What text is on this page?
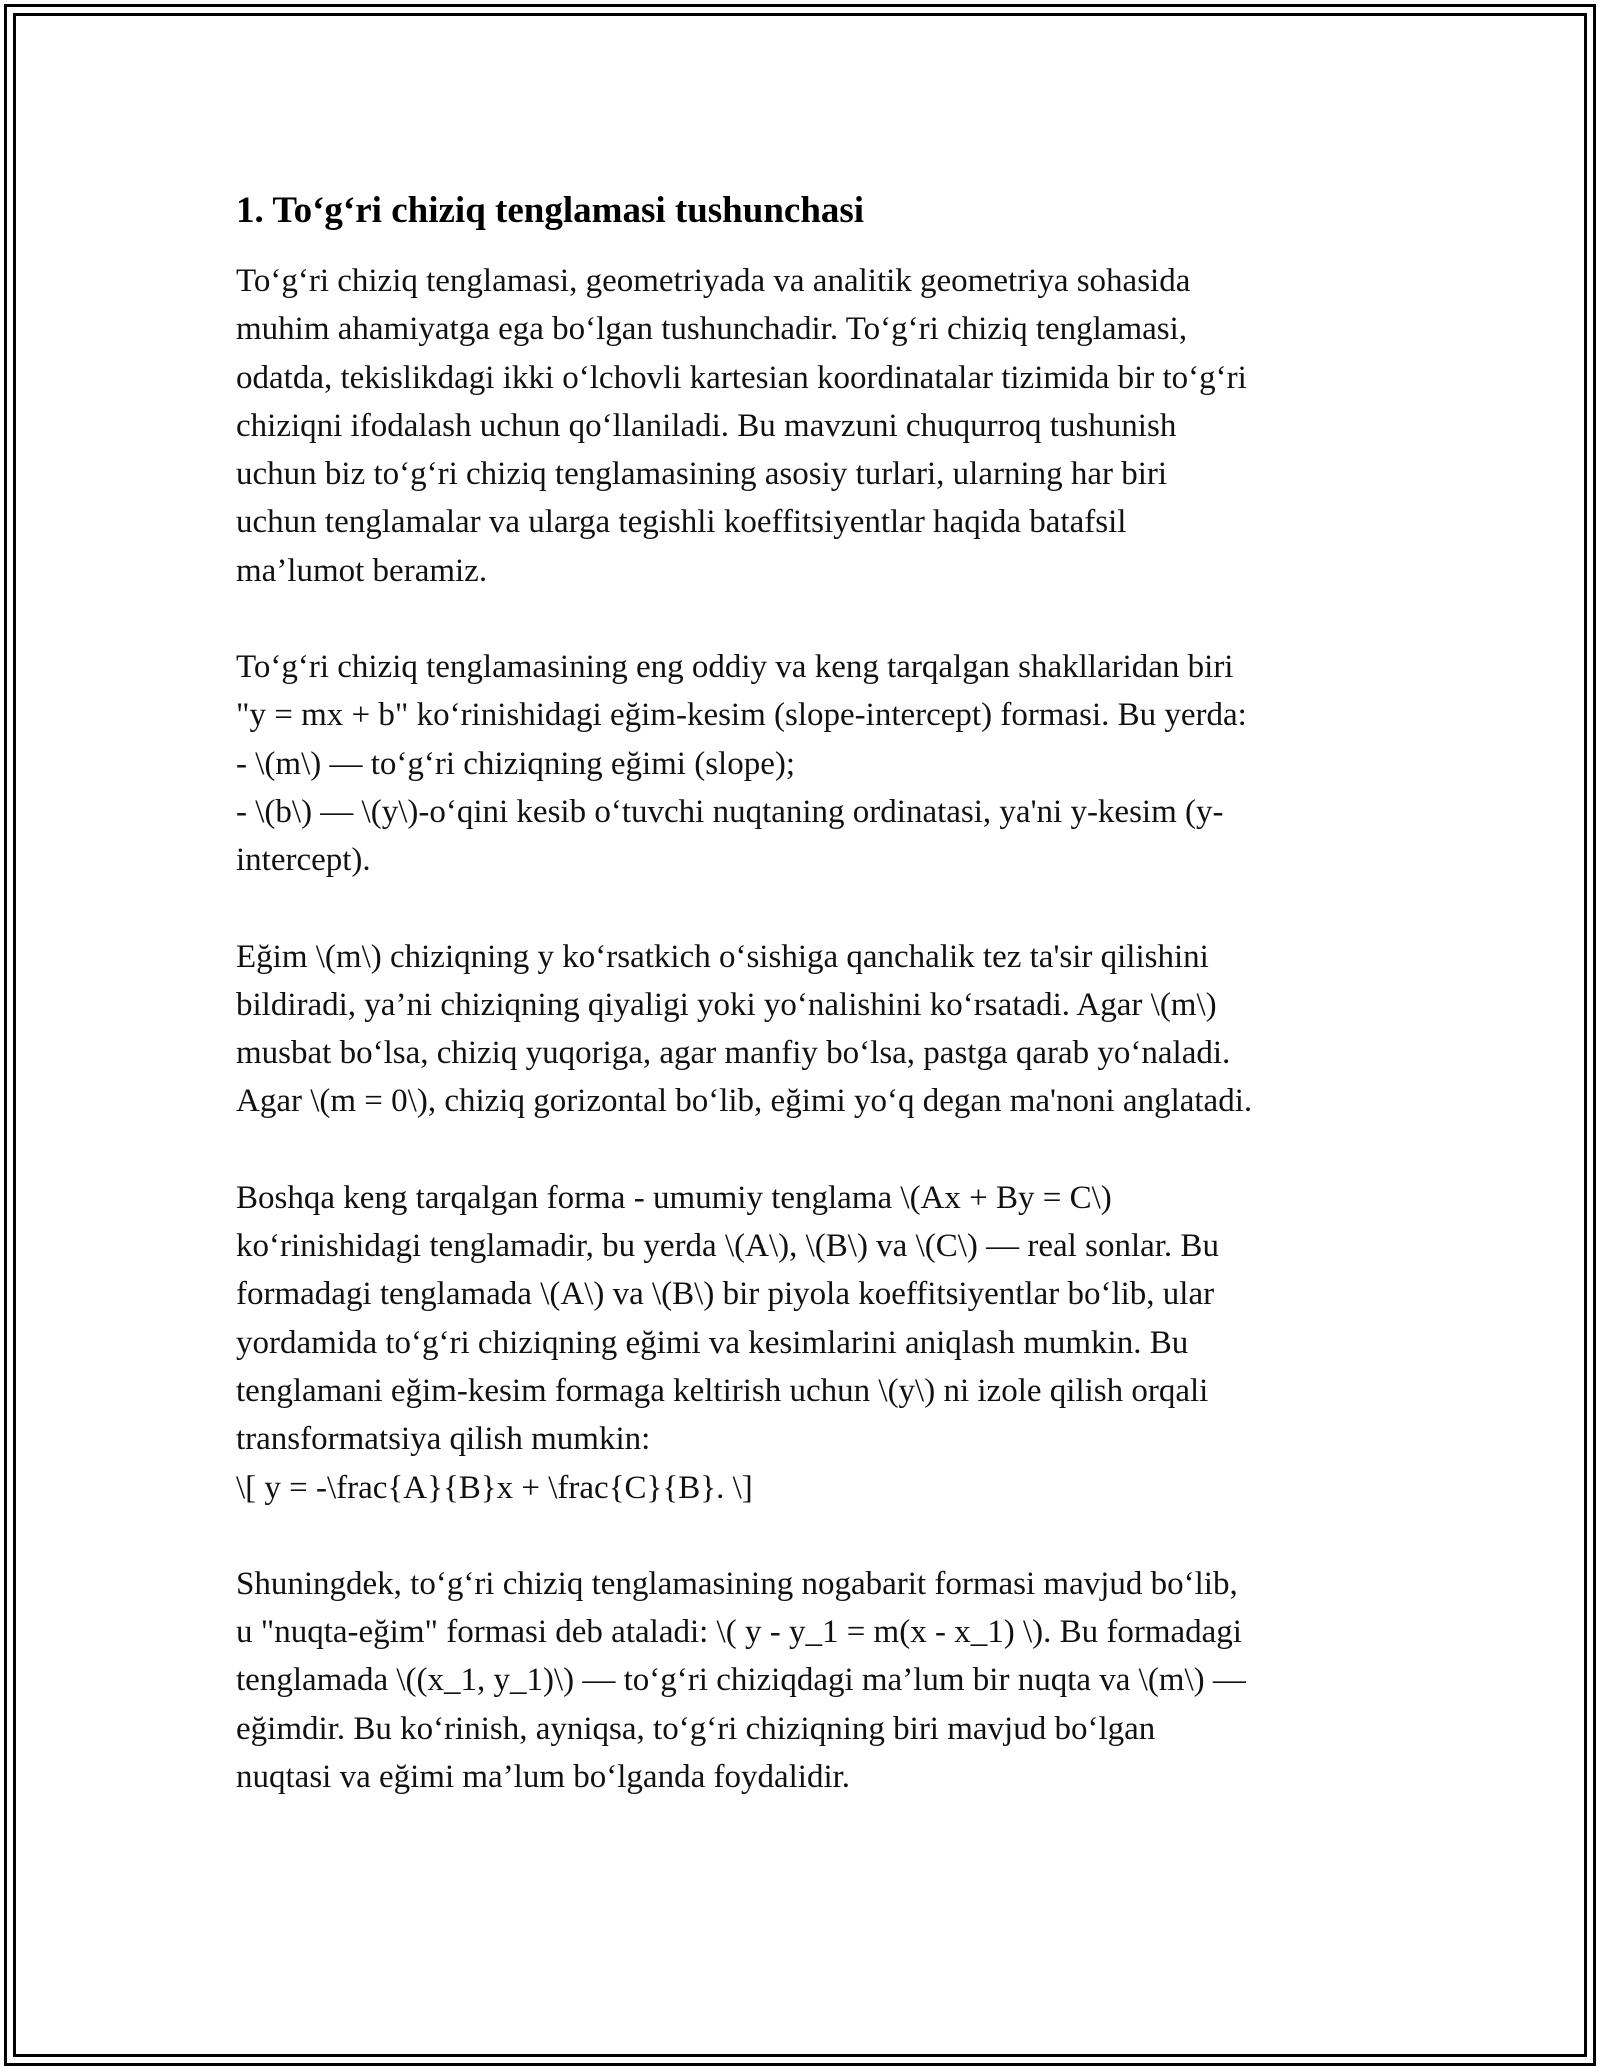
1. To‘g‘ri chiziq tenglamasi tushunchasi
To‘g‘ri chiziq tenglamasi, geometriyada va analitik geometriya sohasida
muhim ahamiyatga ega bo‘lgan tushunchadir. To‘g‘ri chiziq tenglamasi,
odatda, tekislikdagi ikki o‘lchovli kartesian koordinatalar tizimida bir to‘g‘ri
chiziqni ifodalash uchun qo‘llaniladi. Bu mavzuni chuqurroq tushunish
uchun biz to‘g‘ri chiziq tenglamasining asosiy turlari, ularning har biri
uchun tenglamalar va ularga tegishli koeffitsiyentlar haqida batafsil
ma’lumot beramiz.
To‘g‘ri chiziq tenglamasining eng oddiy va keng tarqalgan shakllaridan biri
"y = mx + b" ko‘rinishidagi eğim-kesim (slope-intercept) formasi. Bu yerda:
- \(m\) — to‘g‘ri chiziqning eğimi (slope);
- \(b\) — \(y\)-o‘qini kesib o‘tuvchi nuqtaning ordinatasi, ya'ni y-kesim (y-
intercept).
Eğim \(m\) chiziqning y ko‘rsatkich o‘sishiga qanchalik tez ta'sir qilishini
bildiradi, ya’ni chiziqning qiyaligi yoki yo‘nalishini ko‘rsatadi. Agar \(m\)
musbat bo‘lsa, chiziq yuqoriga, agar manfiy bo‘lsa, pastga qarab yo‘naladi.
Agar \(m = 0\), chiziq gorizontal bo‘lib, eğimi yo‘q degan ma'noni anglatadi.
Boshqa keng tarqalgan forma - umumiy tenglama \(Ax + By = C\)
ko‘rinishidagi tenglamadir, bu yerda \(A\), \(B\) va \(C\) — real sonlar. Bu
formadagi tenglamada \(A\) va \(B\) bir piyola koeffitsiyentlar bo‘lib, ular
yordamida to‘g‘ri chiziqning eğimi va kesimlarini aniqlash mumkin. Bu
tenglamani eğim-kesim formaga keltirish uchun \(y\) ni izole qilish orqali
transformatsiya qilish mumkin:
\[ y = -\frac{A}{B}x + \frac{C}{B}. \]
Shuningdek, to‘g‘ri chiziq tenglamasining nogabarit formasi mavjud bo‘lib,
u "nuqta-eğim" formasi deb ataladi: \( y - y_1 = m(x - x_1) \). Bu formadagi
tenglamada \((x_1, y_1)\) — to‘g‘ri chiziqdagi ma’lum bir nuqta va \(m\) —
eğimdir. Bu ko‘rinish, ayniqsa, to‘g‘ri chiziqning biri mavjud bo‘lgan
nuqtasi va eğimi ma’lum bo‘lganda foydalidir.
